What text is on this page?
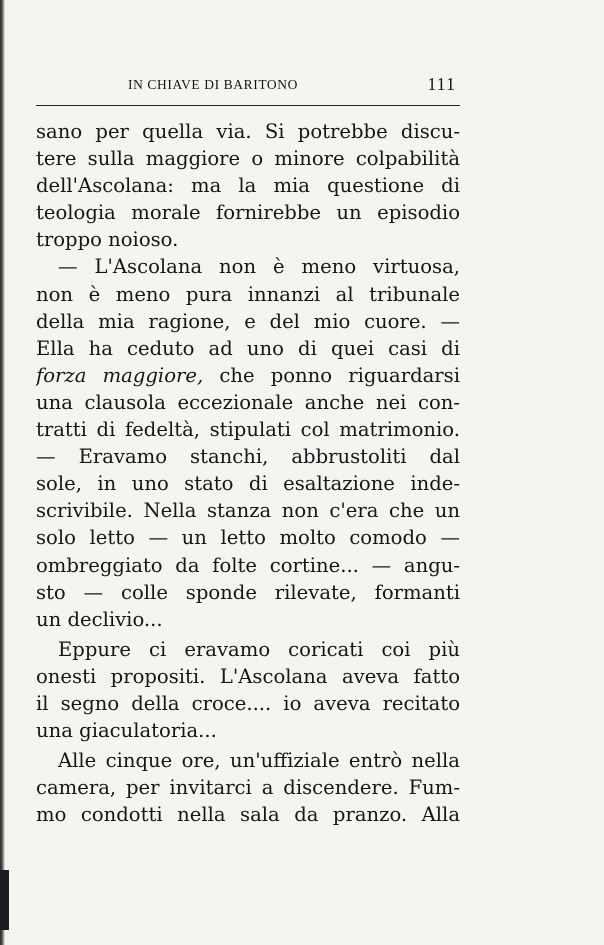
IN CHIAVE DI BARITONO	111
sano per quella via. Si potrebbe discu-
tere sulla maggiore o minore colpabilità
dell'Ascolana: ma la mia questione di
teologia morale fornirebbe un episodio
troppo noioso.
— L'Ascolana non è meno virtuosa,
non è meno pura innanzi al tribunale
della mia ragione, e del mio cuore. —
Ella ha ceduto ad uno di quei casi di
forza maggiore, che ponno riguardarsi
una clausola eccezionale anche nei con-
tratti di fedeltà, stipulati col matrimonio.
— Eravamo stanchi, abbrustoliti dal
sole, in uno stato di esaltazione inde-
scrivibile. Nella stanza non c'era che un
solo letto — un letto molto comodo —
ombreggiato da folte cortine... — angu-
sto — colle sponde rilevate, formanti
un declivio...
Eppure ci eravamo coricati coi più
onesti propositi. L'Ascolana aveva fatto
il segno della croce.... io aveva recitato
una giaculatoria...
Alle cinque ore, un'uffiziale entrò nella
camera, per invitarci a discendere. Fum-
mo condotti nella sala da pranzo. Alla
